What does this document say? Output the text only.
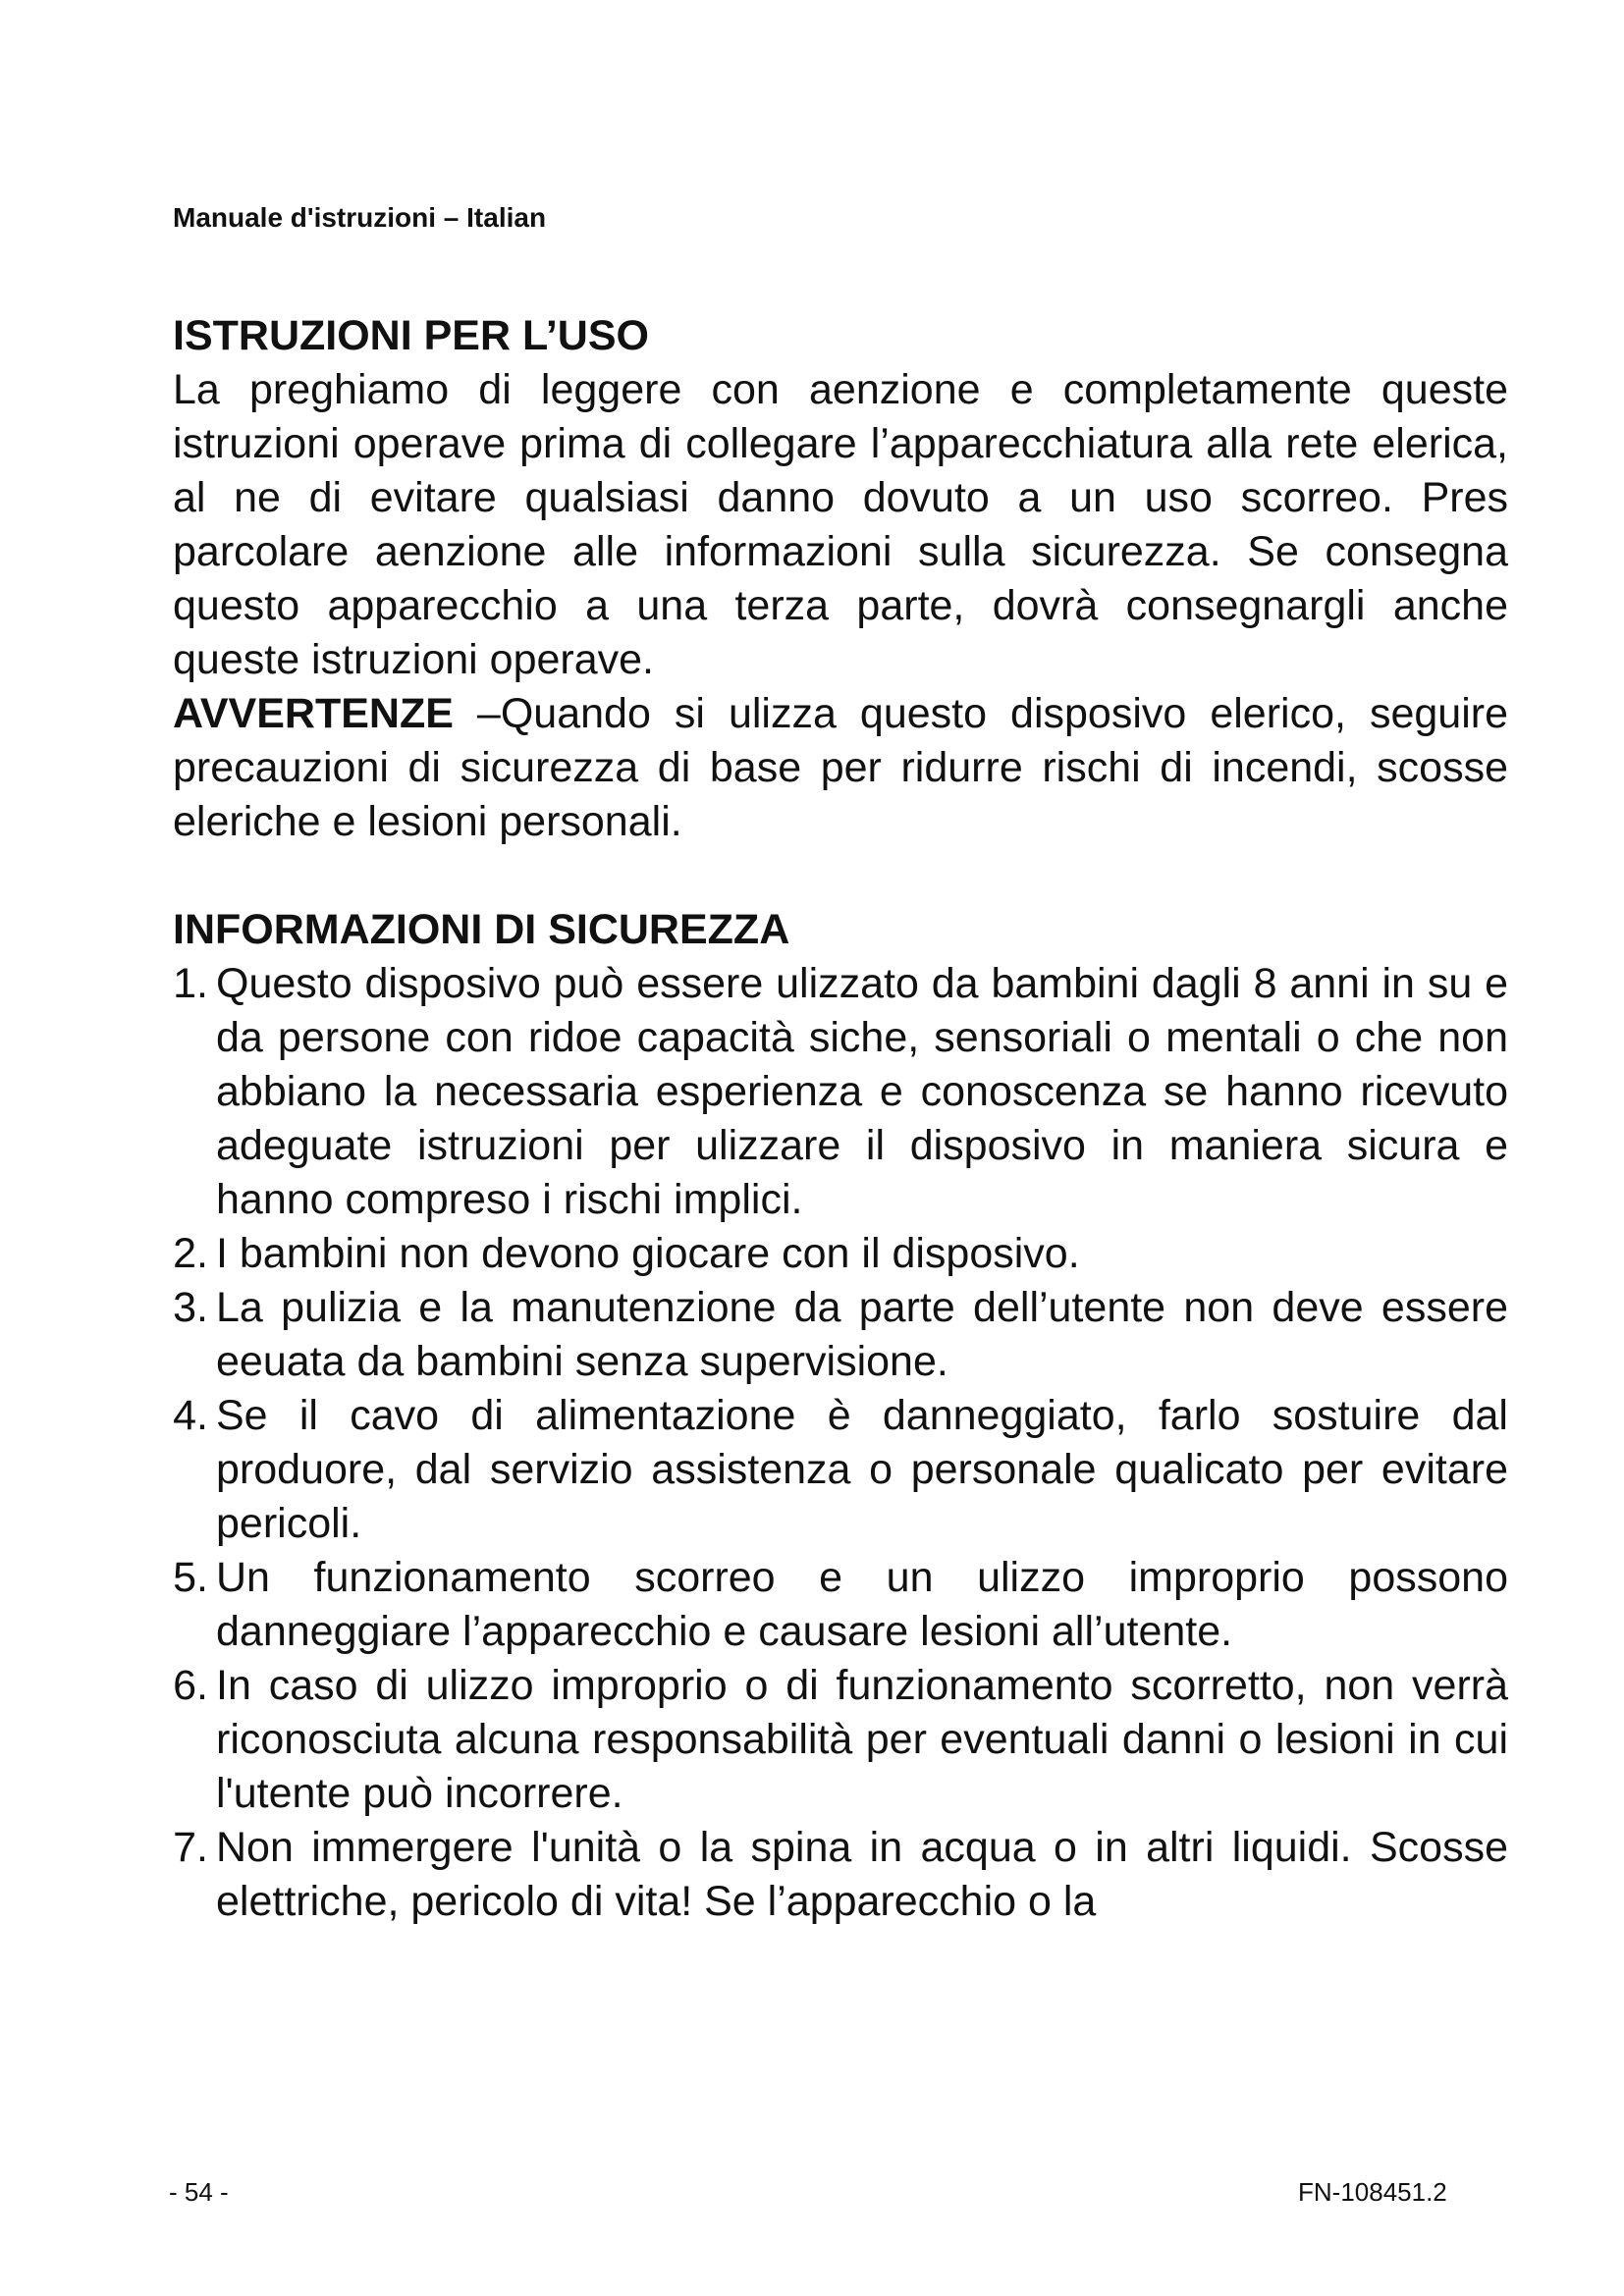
Manuale d'istruzioni – Italian
ISTRUZIONI PER L’USO

La preghiamo di leggere con aenzione e completamente queste istruzioni operave prima di collegare l’apparecchiatura alla rete elerica, al ne di evitare qualsiasi danno dovuto a un uso scorreo. Pres parcolare aenzione alle informazioni sulla sicurezza. Se consegna questo apparecchio a una terza parte, dovrà consegnargli anche queste istruzioni operave.

AVVERTENZE –Quando si ulizza questo disposivo elerico, seguire precauzioni di sicurezza di base per ridurre rischi di incendi, scosse eleriche e lesioni personali.

INFORMAZIONI DI SICUREZZA
1. Questo disposivo può essere ulizzato da bambini dagli 8 anni in su e da persone con ridoe capacità siche, sensoriali o mentali o che non abbiano la necessaria esperienza e conoscenza se hanno ricevuto adeguate istruzioni per ulizzare il disposivo in maniera sicura e hanno compreso i rischi implici.
2. I bambini non devono giocare con il disposivo.
3. La pulizia e la manutenzione da parte dell’utente non deve essere eeuata da bambini senza supervisione.
4. Se il cavo di alimentazione è danneggiato, farlo sostuire dal produore, dal servizio assistenza o personale qualicato per evitare pericoli.
5. Un funzionamento scorreo e un ulizzo improprio possono danneggiare l’apparecchio e causare lesioni all’utente.
6. In caso di ulizzo improprio o di funzionamento scorretto, non verrà riconosciuta alcuna responsabilità per eventuali danni o lesioni in cui l'utente può incorrere.
7. Non immergere l'unità o la spina in acqua o in altri liquidi. Scosse elettriche, pericolo di vita! Se l’apparecchio o la
- 54 -	FN-108451.2
